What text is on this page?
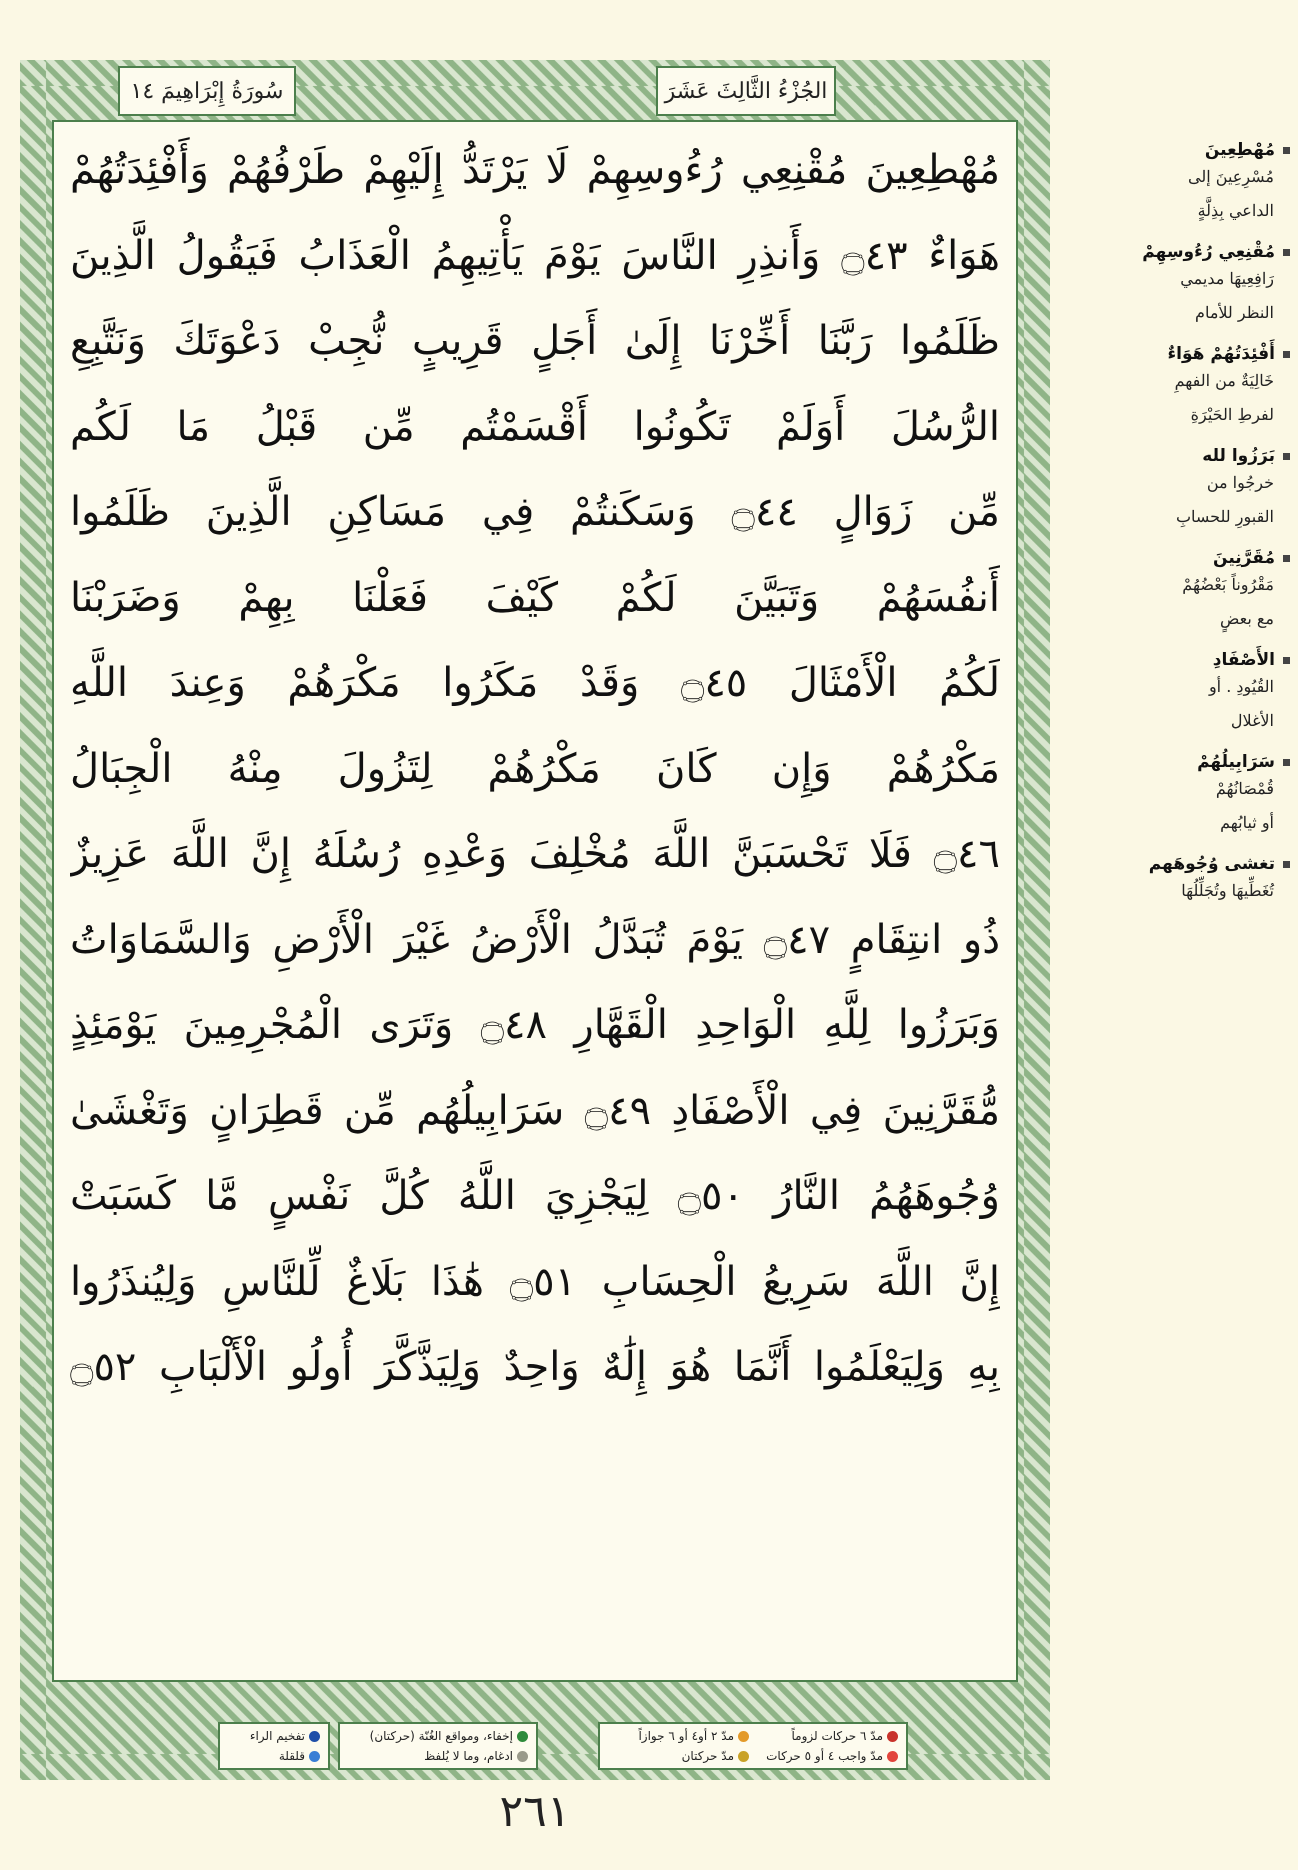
سُورَةُ إِبْرَاهِيمَ ١٤	الجُزْءُ الثَّالِثَ عَشَرَ
مُهْطِعِينَ مُقْنِعِي رُءُوسِهِمْ لَا يَرْتَدُّ إِلَيْهِمْ طَرْفُهُمْ وَأَفْئِدَتُهُمْ
هَوَاءٌ ۝٤٣ وَأَنذِرِ النَّاسَ يَوْمَ يَأْتِيهِمُ الْعَذَابُ فَيَقُولُ الَّذِينَ
ظَلَمُوا رَبَّنَا أَخِّرْنَا إِلَىٰ أَجَلٍ قَرِيبٍ نُّجِبْ دَعْوَتَكَ وَنَتَّبِعِ
الرُّسُلَ أَوَلَمْ تَكُونُوا أَقْسَمْتُم مِّن قَبْلُ مَا لَكُم
مِّن زَوَالٍ ۝٤٤ وَسَكَنتُمْ فِي مَسَاكِنِ الَّذِينَ ظَلَمُوا
أَنفُسَهُمْ وَتَبَيَّنَ لَكُمْ كَيْفَ فَعَلْنَا بِهِمْ وَضَرَبْنَا
لَكُمُ الْأَمْثَالَ ۝٤٥ وَقَدْ مَكَرُوا مَكْرَهُمْ وَعِندَ اللَّهِ
مَكْرُهُمْ وَإِن كَانَ مَكْرُهُمْ لِتَزُولَ مِنْهُ الْجِبَالُ
۝٤٦ فَلَا تَحْسَبَنَّ اللَّهَ مُخْلِفَ وَعْدِهِ رُسُلَهُ إِنَّ اللَّهَ عَزِيزٌ
ذُو انتِقَامٍ ۝٤٧ يَوْمَ تُبَدَّلُ الْأَرْضُ غَيْرَ الْأَرْضِ وَالسَّمَاوَاتُ
وَبَرَزُوا لِلَّهِ الْوَاحِدِ الْقَهَّارِ ۝٤٨ وَتَرَى الْمُجْرِمِينَ يَوْمَئِذٍ
مُّقَرَّنِينَ فِي الْأَصْفَادِ ۝٤٩ سَرَابِيلُهُم مِّن قَطِرَانٍ وَتَغْشَىٰ
وُجُوهَهُمُ النَّارُ ۝٥٠ لِيَجْزِيَ اللَّهُ كُلَّ نَفْسٍ مَّا كَسَبَتْ
إِنَّ اللَّهَ سَرِيعُ الْحِسَابِ ۝٥١ هَٰذَا بَلَاغٌ لِّلنَّاسِ وَلِيُنذَرُوا
بِهِ وَلِيَعْلَمُوا أَنَّمَا هُوَ إِلَٰهٌ وَاحِدٌ وَلِيَذَّكَّرَ أُولُو الْأَلْبَابِ ۝٥٢
مُهْطِعِينَ
مُسْرِعِينَ إلى
الداعي بِذِلَّةٍ
مُقْنِعِي رُءُوسِهِمْ
رَافِعِيهَا مديمي
النظر للأمام
أَفْئِدَتُهُمْ هَوَاءٌ
خَالِيَةٌ من الفهمِ
لفرطِ الحَيْرَةِ
بَرَزُوا لله
خرجُوا من
القبورِ للحسابِ
مُقَرَّنِينَ
مَقْرُوناً بَعْضُهُمْ
مع بعضٍ
الأَصْفَادِ
القُيُودِ . أو
الأغلال
سَرَابِيلُهُمْ
قُمْصَانُهُمْ
أو ثيابُهم
تغشى وُجُوهَهم
تُغَطِّيهَا وتُجَلِّلُهَا
مدّ ٦ حركات لزوماً
مدّ ٢ أو٤ أو ٦ جوازاً
مدّ واجب ٤ أو ٥ حركات
مدّ حركتان
إخفاء، ومواقع الغُنّة (حركتان)
ادغام، وما لا يُلفظ
تفخيم الراء
قلقلة
٢٦١
